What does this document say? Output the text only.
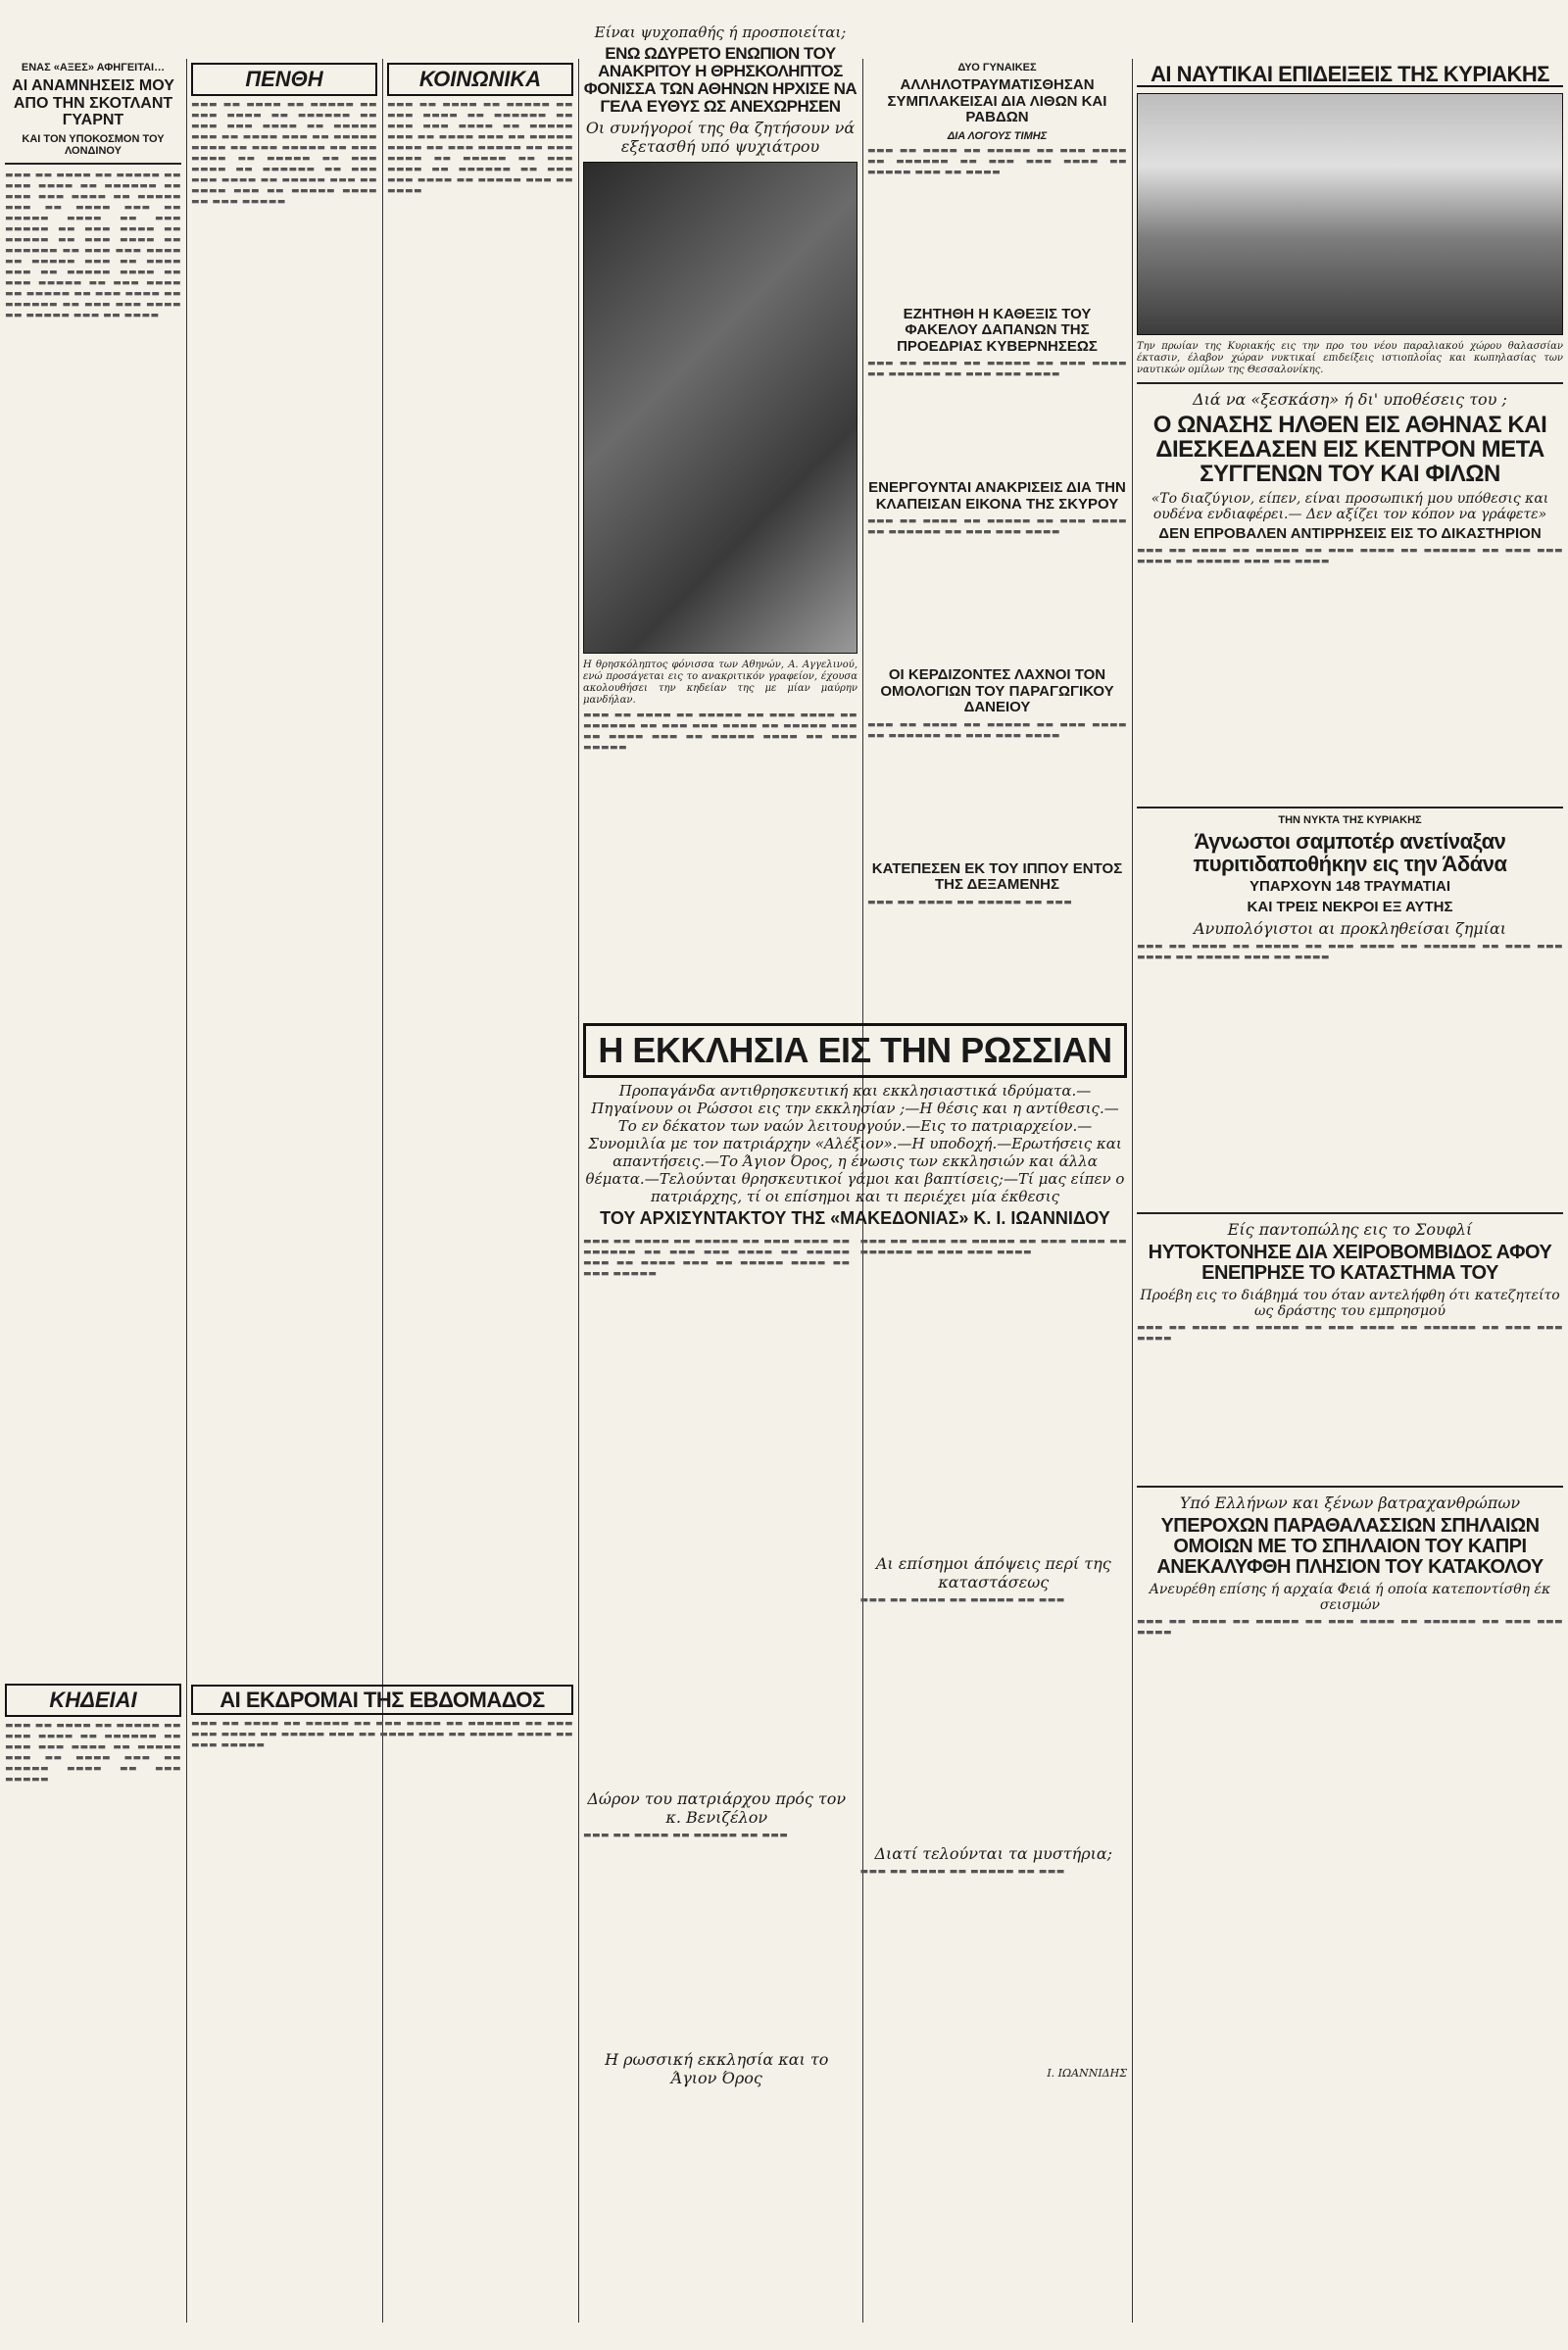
ΕΝΑΣ «ΑΞΕΣ» ΑΦΗΓΕΙΤΑΙ…
ΑΙ ΑΝΑΜΝΗΣΕΙΣ ΜΟΥ ΑΠΟ ΤΗΝ ΣΚΟΤΛΑΝΤ ΓΥΑΡΝΤ
ΚΑΙ ΤΟΝ ΥΠΟΚΟΣΜΟΝ ΤΟΥ ΛΟΝΔΙΝΟΥ
▬▬▬ ▬▬ ▬▬▬▬ ▬▬ ▬▬▬▬▬ ▬▬ ▬▬▬ ▬▬▬▬ ▬▬ ▬▬▬▬▬▬ ▬▬ ▬▬▬ ▬▬▬ ▬▬▬▬ ▬▬ ▬▬▬▬▬ ▬▬▬ ▬▬ ▬▬▬▬ ▬▬▬ ▬▬ ▬▬▬▬▬ ▬▬▬▬ ▬▬ ▬▬▬ ▬▬▬▬▬ ▬▬ ▬▬▬ ▬▬▬▬ ▬▬ ▬▬▬▬▬ ▬▬ ▬▬▬ ▬▬▬▬ ▬▬ ▬▬▬▬▬▬ ▬▬ ▬▬▬ ▬▬▬ ▬▬▬▬ ▬▬ ▬▬▬▬▬ ▬▬▬ ▬▬ ▬▬▬▬ ▬▬▬ ▬▬ ▬▬▬▬▬ ▬▬▬▬ ▬▬ ▬▬▬ ▬▬▬▬▬ ▬▬ ▬▬▬ ▬▬▬▬ ▬▬ ▬▬▬▬▬ ▬▬ ▬▬▬ ▬▬▬▬ ▬▬ ▬▬▬▬▬▬ ▬▬ ▬▬▬ ▬▬▬ ▬▬▬▬ ▬▬ ▬▬▬▬▬ ▬▬▬ ▬▬ ▬▬▬▬
ΚΗΔΕΙΑΙ
▬▬▬ ▬▬ ▬▬▬▬ ▬▬ ▬▬▬▬▬ ▬▬ ▬▬▬ ▬▬▬▬ ▬▬ ▬▬▬▬▬▬ ▬▬ ▬▬▬ ▬▬▬ ▬▬▬▬ ▬▬ ▬▬▬▬▬ ▬▬▬ ▬▬ ▬▬▬▬ ▬▬▬ ▬▬ ▬▬▬▬▬ ▬▬▬▬ ▬▬ ▬▬▬ ▬▬▬▬▬
ΠΕΝΘΗ
▬▬▬ ▬▬ ▬▬▬▬ ▬▬ ▬▬▬▬▬ ▬▬ ▬▬▬ ▬▬▬▬ ▬▬ ▬▬▬▬▬▬ ▬▬ ▬▬▬ ▬▬▬ ▬▬▬▬ ▬▬ ▬▬▬▬▬ ▬▬▬ ▬▬ ▬▬▬▬ ▬▬▬ ▬▬ ▬▬▬▬▬ ▬▬▬▬ ▬▬ ▬▬▬ ▬▬▬▬▬ ▬▬ ▬▬▬ ▬▬▬▬ ▬▬ ▬▬▬▬▬ ▬▬ ▬▬▬ ▬▬▬▬ ▬▬ ▬▬▬▬▬▬ ▬▬ ▬▬▬ ▬▬▬ ▬▬▬▬ ▬▬ ▬▬▬▬▬ ▬▬▬ ▬▬ ▬▬▬▬ ▬▬▬ ▬▬ ▬▬▬▬▬ ▬▬▬▬ ▬▬ ▬▬▬ ▬▬▬▬▬
ΚΟΙΝΩΝΙΚΑ
▬▬▬ ▬▬ ▬▬▬▬ ▬▬ ▬▬▬▬▬ ▬▬ ▬▬▬ ▬▬▬▬ ▬▬ ▬▬▬▬▬▬ ▬▬ ▬▬▬ ▬▬▬ ▬▬▬▬ ▬▬ ▬▬▬▬▬ ▬▬▬ ▬▬ ▬▬▬▬ ▬▬▬ ▬▬ ▬▬▬▬▬ ▬▬▬▬ ▬▬ ▬▬▬ ▬▬▬▬▬ ▬▬ ▬▬▬ ▬▬▬▬ ▬▬ ▬▬▬▬▬ ▬▬ ▬▬▬ ▬▬▬▬ ▬▬ ▬▬▬▬▬▬ ▬▬ ▬▬▬ ▬▬▬ ▬▬▬▬ ▬▬ ▬▬▬▬▬ ▬▬▬ ▬▬ ▬▬▬▬
ΑΙ ΕΚΔΡΟΜΑΙ ΤΗΣ ΕΒΔΟΜΑΔΟΣ
▬▬▬ ▬▬ ▬▬▬▬ ▬▬ ▬▬▬▬▬ ▬▬ ▬▬▬ ▬▬▬▬ ▬▬ ▬▬▬▬▬▬ ▬▬ ▬▬▬ ▬▬▬ ▬▬▬▬ ▬▬ ▬▬▬▬▬ ▬▬▬ ▬▬ ▬▬▬▬ ▬▬▬ ▬▬ ▬▬▬▬▬ ▬▬▬▬ ▬▬ ▬▬▬ ▬▬▬▬▬
Είναι ψυχοπαθής ή προσποιείται;
ΕΝΩ ΩΔΥΡΕΤΟ ΕΝΩΠΙΟΝ ΤΟΥ ΑΝΑΚΡΙΤΟΥ Η ΘΡΗΣΚΟΛΗΠΤΟΣ ΦΟΝΙΣΣΑ ΤΩΝ ΑΘΗΝΩΝ ΗΡΧΙΣΕ ΝΑ ΓΕΛΑ ΕΥΘΥΣ ΩΣ ΑΝΕΧΩΡΗΣΕΝ
Οι συνήγοροί της θα ζητήσουν νά εξετασθή υπό ψυχιάτρου
Η θρησκόληπτος φόνισσα των Αθηνών, Α. Αγγελινού, ενώ προσάγεται εις το ανακριτικόν γραφείον, έχουσα ακολουθήσει την κηδείαν της με μίαν μαύρην μανδήλαν.
▬▬▬ ▬▬ ▬▬▬▬ ▬▬ ▬▬▬▬▬ ▬▬ ▬▬▬ ▬▬▬▬ ▬▬ ▬▬▬▬▬▬ ▬▬ ▬▬▬ ▬▬▬ ▬▬▬▬ ▬▬ ▬▬▬▬▬ ▬▬▬ ▬▬ ▬▬▬▬ ▬▬▬ ▬▬ ▬▬▬▬▬ ▬▬▬▬ ▬▬ ▬▬▬ ▬▬▬▬▬
ΔΥΟ ΓΥΝΑΙΚΕΣ
ΑΛΛΗΛΟΤΡΑΥΜΑΤΙΣΘΗΣΑΝ ΣΥΜΠΛΑΚΕΙΣΑΙ ΔΙΑ ΛΙΘΩΝ ΚΑΙ ΡΑΒΔΩΝ
ΔΙΑ ΛΟΓΟΥΣ ΤΙΜΗΣ
▬▬▬ ▬▬ ▬▬▬▬ ▬▬ ▬▬▬▬▬ ▬▬ ▬▬▬ ▬▬▬▬ ▬▬ ▬▬▬▬▬▬ ▬▬ ▬▬▬ ▬▬▬ ▬▬▬▬ ▬▬ ▬▬▬▬▬ ▬▬▬ ▬▬ ▬▬▬▬
ΕΖΗΤΗΘΗ Η ΚΑΘΕΞΙΣ ΤΟΥ ΦΑΚΕΛΟΥ ΔΑΠΑΝΩΝ ΤΗΣ ΠΡΟΕΔΡΙΑΣ ΚΥΒΕΡΝΗΣΕΩΣ
▬▬▬ ▬▬ ▬▬▬▬ ▬▬ ▬▬▬▬▬ ▬▬ ▬▬▬ ▬▬▬▬ ▬▬ ▬▬▬▬▬▬ ▬▬ ▬▬▬ ▬▬▬ ▬▬▬▬
ΕΝΕΡΓΟΥΝΤΑΙ ΑΝΑΚΡΙΣΕΙΣ ΔΙΑ ΤΗΝ ΚΛΑΠΕΙΣΑΝ ΕΙΚΟΝΑ ΤΗΣ ΣΚΥΡΟΥ
▬▬▬ ▬▬ ▬▬▬▬ ▬▬ ▬▬▬▬▬ ▬▬ ▬▬▬ ▬▬▬▬ ▬▬ ▬▬▬▬▬▬ ▬▬ ▬▬▬ ▬▬▬ ▬▬▬▬
ΟΙ ΚΕΡΔΙΖΟΝΤΕΣ ΛΑΧΝΟΙ ΤΟΝ ΟΜΟΛΟΓΙΩΝ ΤΟΥ ΠΑΡΑΓΩΓΙΚΟΥ ΔΑΝΕΙΟΥ
▬▬▬ ▬▬ ▬▬▬▬ ▬▬ ▬▬▬▬▬ ▬▬ ▬▬▬ ▬▬▬▬ ▬▬ ▬▬▬▬▬▬ ▬▬ ▬▬▬ ▬▬▬ ▬▬▬▬
ΚΑΤΕΠΕΣΕΝ ΕΚ ΤΟΥ ΙΠΠΟΥ ΕΝΤΟΣ ΤΗΣ ΔΕΞΑΜΕΝΗΣ
▬▬▬ ▬▬ ▬▬▬▬ ▬▬ ▬▬▬▬▬ ▬▬ ▬▬▬
Η ΕΚΚΛΗΣΙΑ ΕΙΣ ΤΗΝ ΡΩΣΣΙΑΝ
Προπαγάνδα αντιθρησκευτική και εκκλησιαστικά ιδρύματα.—Πηγαίνουν οι Ρώσσοι εις την εκκλησίαν ;—Η θέσις και η αντίθεσις.—Το εν δέκατον των ναών λειτουργούν.—Εις το πατριαρχείον.—Συνομιλία με τον πατριάρχην «Αλέξιον».—Η υποδοχή.—Ερωτήσεις και απαντήσεις.—Το Άγιον Όρος, η ένωσις των εκκλησιών και άλλα θέματα.—Τελούνται θρησκευτικοί γάμοι και βαπτίσεις;—Τί μας είπεν ο πατριάρχης, τί οι επίσημοι και τι περιέχει μία έκθεσις
ΤΟΥ ΑΡΧΙΣΥΝΤΑΚΤΟΥ ΤΗΣ «ΜΑΚΕΔΟΝΙΑΣ» Κ. Ι. ΙΩΑΝΝΙΔΟΥ
▬▬▬ ▬▬ ▬▬▬▬ ▬▬ ▬▬▬▬▬ ▬▬ ▬▬▬ ▬▬▬▬ ▬▬ ▬▬▬▬▬▬ ▬▬ ▬▬▬ ▬▬▬ ▬▬▬▬ ▬▬ ▬▬▬▬▬ ▬▬▬ ▬▬ ▬▬▬▬ ▬▬▬ ▬▬ ▬▬▬▬▬ ▬▬▬▬ ▬▬ ▬▬▬ ▬▬▬▬▬
Δώρον του πατριάρχου πρός τον κ. Βενιζέλον
▬▬▬ ▬▬ ▬▬▬▬ ▬▬ ▬▬▬▬▬ ▬▬ ▬▬▬
Η ρωσσική εκκλησία και το Άγιον Όρος
▬▬▬ ▬▬ ▬▬▬▬ ▬▬ ▬▬▬▬▬ ▬▬ ▬▬▬ ▬▬▬▬ ▬▬ ▬▬▬▬▬▬ ▬▬ ▬▬▬ ▬▬▬ ▬▬▬▬
Αι επίσημοι άπόψεις περί της καταστάσεως
▬▬▬ ▬▬ ▬▬▬▬ ▬▬ ▬▬▬▬▬ ▬▬ ▬▬▬
Διατί τελούνται τα μυστήρια;
▬▬▬ ▬▬ ▬▬▬▬ ▬▬ ▬▬▬▬▬ ▬▬ ▬▬▬
Ι. ΙΩΑΝΝΙΔΗΣ
ΑΙ ΝΑΥΤΙΚΑΙ ΕΠΙΔΕΙΞΕΙΣ ΤΗΣ ΚΥΡΙΑΚΗΣ
Την πρωίαν της Κυριακής εις την προ του νέου παραλιακού χώρου θαλασσίαν έκτασιν, έλαβον χώραν νυκτικαί επιδείξεις ιστιοπλοΐας και κωπηλασίας των ναυτικών ομίλων της Θεσσαλονίκης.
Διά να «ξεσκάση» ή δι' υποθέσεις του ;
Ο ΩΝΑΣΗΣ ΗΛΘΕΝ ΕΙΣ ΑΘΗΝΑΣ ΚΑΙ ΔΙΕΣΚΕΔΑΣΕΝ ΕΙΣ ΚΕΝΤΡΟΝ ΜΕΤΑ ΣΥΓΓΕΝΩΝ ΤΟΥ ΚΑΙ ΦΙΛΩΝ
«Το διαζύγιον, είπεν, είναι προσωπική μου υπόθεσις και ουδένα ενδιαφέρει.— Δεν αξίζει τον κόπον να γράφετε»
ΔΕΝ ΕΠΡΟΒΑΛΕΝ ΑΝΤΙΡΡΗΣΕΙΣ ΕΙΣ ΤΟ ΔΙΚΑΣΤΗΡΙΟΝ
▬▬▬ ▬▬ ▬▬▬▬ ▬▬ ▬▬▬▬▬ ▬▬ ▬▬▬ ▬▬▬▬ ▬▬ ▬▬▬▬▬▬ ▬▬ ▬▬▬ ▬▬▬ ▬▬▬▬ ▬▬ ▬▬▬▬▬ ▬▬▬ ▬▬ ▬▬▬▬
ΤΗΝ ΝΥΚΤΑ ΤΗΣ ΚΥΡΙΑΚΗΣ
Άγνωστοι σαμποτέρ ανετίναξαν πυριτιδαποθήκην εις την Άδάνα
ΥΠΑΡΧΟΥΝ 148 ΤΡΑΥΜΑΤΙΑΙ
ΚΑΙ ΤΡΕΙΣ ΝΕΚΡΟΙ ΕΞ ΑΥΤΗΣ
Ανυπολόγιστοι αι προκληθείσαι ζημίαι
▬▬▬ ▬▬ ▬▬▬▬ ▬▬ ▬▬▬▬▬ ▬▬ ▬▬▬ ▬▬▬▬ ▬▬ ▬▬▬▬▬▬ ▬▬ ▬▬▬ ▬▬▬ ▬▬▬▬ ▬▬ ▬▬▬▬▬ ▬▬▬ ▬▬ ▬▬▬▬
Είς παντοπώλης εις το Σουφλί
ΗΥΤΟΚΤΟΝΗΣΕ ΔΙΑ ΧΕΙΡΟΒΟΜΒΙΔΟΣ ΑΦΟΥ ΕΝΕΠΡΗΣΕ ΤΟ ΚΑΤΑΣΤΗΜΑ ΤΟΥ
Προέβη εις το διάβημά του όταν αντελήφθη ότι κατεζητείτο ως δράστης του εμπρησμού
▬▬▬ ▬▬ ▬▬▬▬ ▬▬ ▬▬▬▬▬ ▬▬ ▬▬▬ ▬▬▬▬ ▬▬ ▬▬▬▬▬▬ ▬▬ ▬▬▬ ▬▬▬ ▬▬▬▬
Υπό Ελλήνων και ξένων βατραχανθρώπων
ΥΠΕΡΟΧΩΝ ΠΑΡΑΘΑΛΑΣΣΙΩΝ ΣΠΗΛΑΙΩΝ ΟΜΟΙΩΝ ΜΕ ΤΟ ΣΠΗΛΑΙΟΝ ΤΟΥ ΚΑΠΡΙ ΑΝΕΚΑΛΥΦΘΗ ΠΛΗΣΙΟΝ ΤΟΥ ΚΑΤΑΚΟΛΟΥ
Ανευρέθη επίσης ή αρχαία Φειά ή οποία κατεποντίσθη έκ σεισμών
▬▬▬ ▬▬ ▬▬▬▬ ▬▬ ▬▬▬▬▬ ▬▬ ▬▬▬ ▬▬▬▬ ▬▬ ▬▬▬▬▬▬ ▬▬ ▬▬▬ ▬▬▬ ▬▬▬▬
